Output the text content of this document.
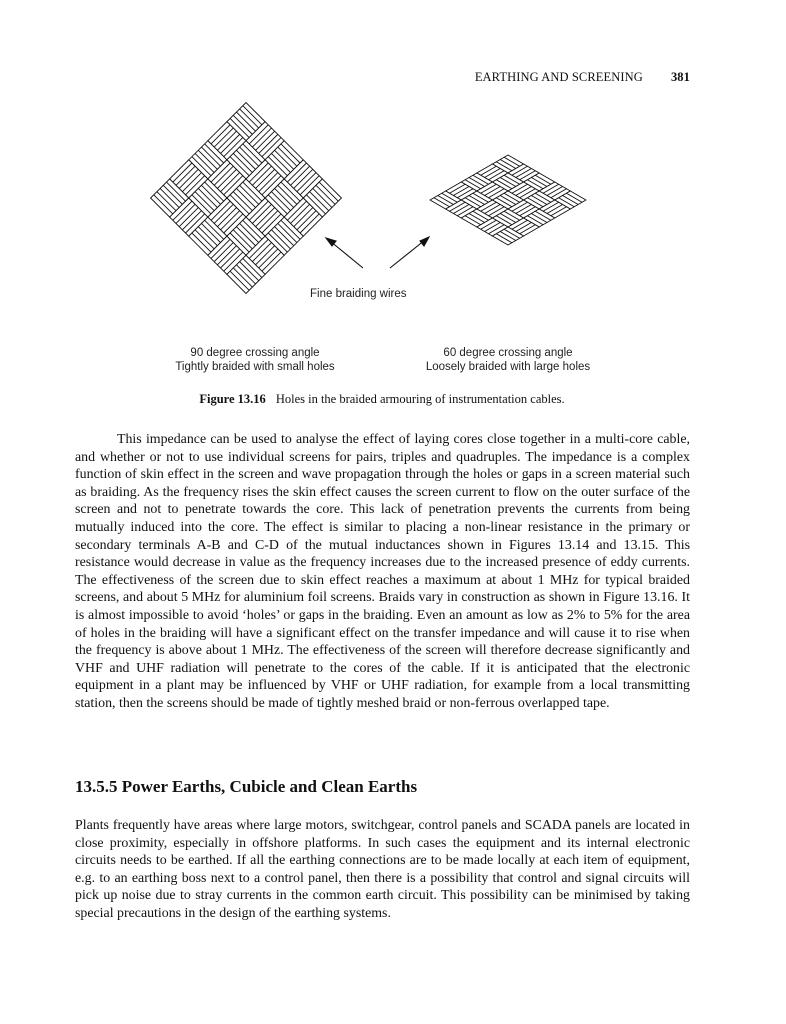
EARTHING AND SCREENING 381
Fine braiding wires
90 degree crossing angle
Tightly braided with small holes
60 degree crossing angle
Loosely braided with large holes
Figure 13.16 Holes in the braided armouring of instrumentation cables.
This impedance can be used to analyse the effect of laying cores close together in a multi-core cable, and whether or not to use individual screens for pairs, triples and quadruples. The impedance is a complex function of skin effect in the screen and wave propagation through the holes or gaps in a screen material such as braiding. As the frequency rises the skin effect causes the screen current to flow on the outer surface of the screen and not to penetrate towards the core. This lack of penetration prevents the currents from being mutually induced into the core. The effect is similar to placing a non-linear resistance in the primary or secondary terminals A-B and C-D of the mutual inductances shown in Figures 13.14 and 13.15. This resistance would decrease in value as the frequency increases due to the increased presence of eddy currents. The effectiveness of the screen due to skin effect reaches a maximum at about 1 MHz for typical braided screens, and about 5 MHz for aluminium foil screens. Braids vary in construction as shown in Figure 13.16. It is almost impossible to avoid ‘holes’ or gaps in the braiding. Even an amount as low as 2% to 5% for the area of holes in the braiding will have a significant effect on the transfer impedance and will cause it to rise when the frequency is above about 1 MHz. The effectiveness of the screen will therefore decrease significantly and VHF and UHF radiation will penetrate to the cores of the cable. If it is anticipated that the electronic equipment in a plant may be influenced by VHF or UHF radiation, for example from a local transmitting station, then the screens should be made of tightly meshed braid or non-ferrous overlapped tape.
13.5.5 Power Earths, Cubicle and Clean Earths
Plants frequently have areas where large motors, switchgear, control panels and SCADA panels are located in close proximity, especially in offshore platforms. In such cases the equipment and its internal electronic circuits needs to be earthed. If all the earthing connections are to be made locally at each item of equipment, e.g. to an earthing boss next to a control panel, then there is a possibility that control and signal circuits will pick up noise due to stray currents in the common earth circuit. This possibility can be minimised by taking special precautions in the design of the earthing systems.
